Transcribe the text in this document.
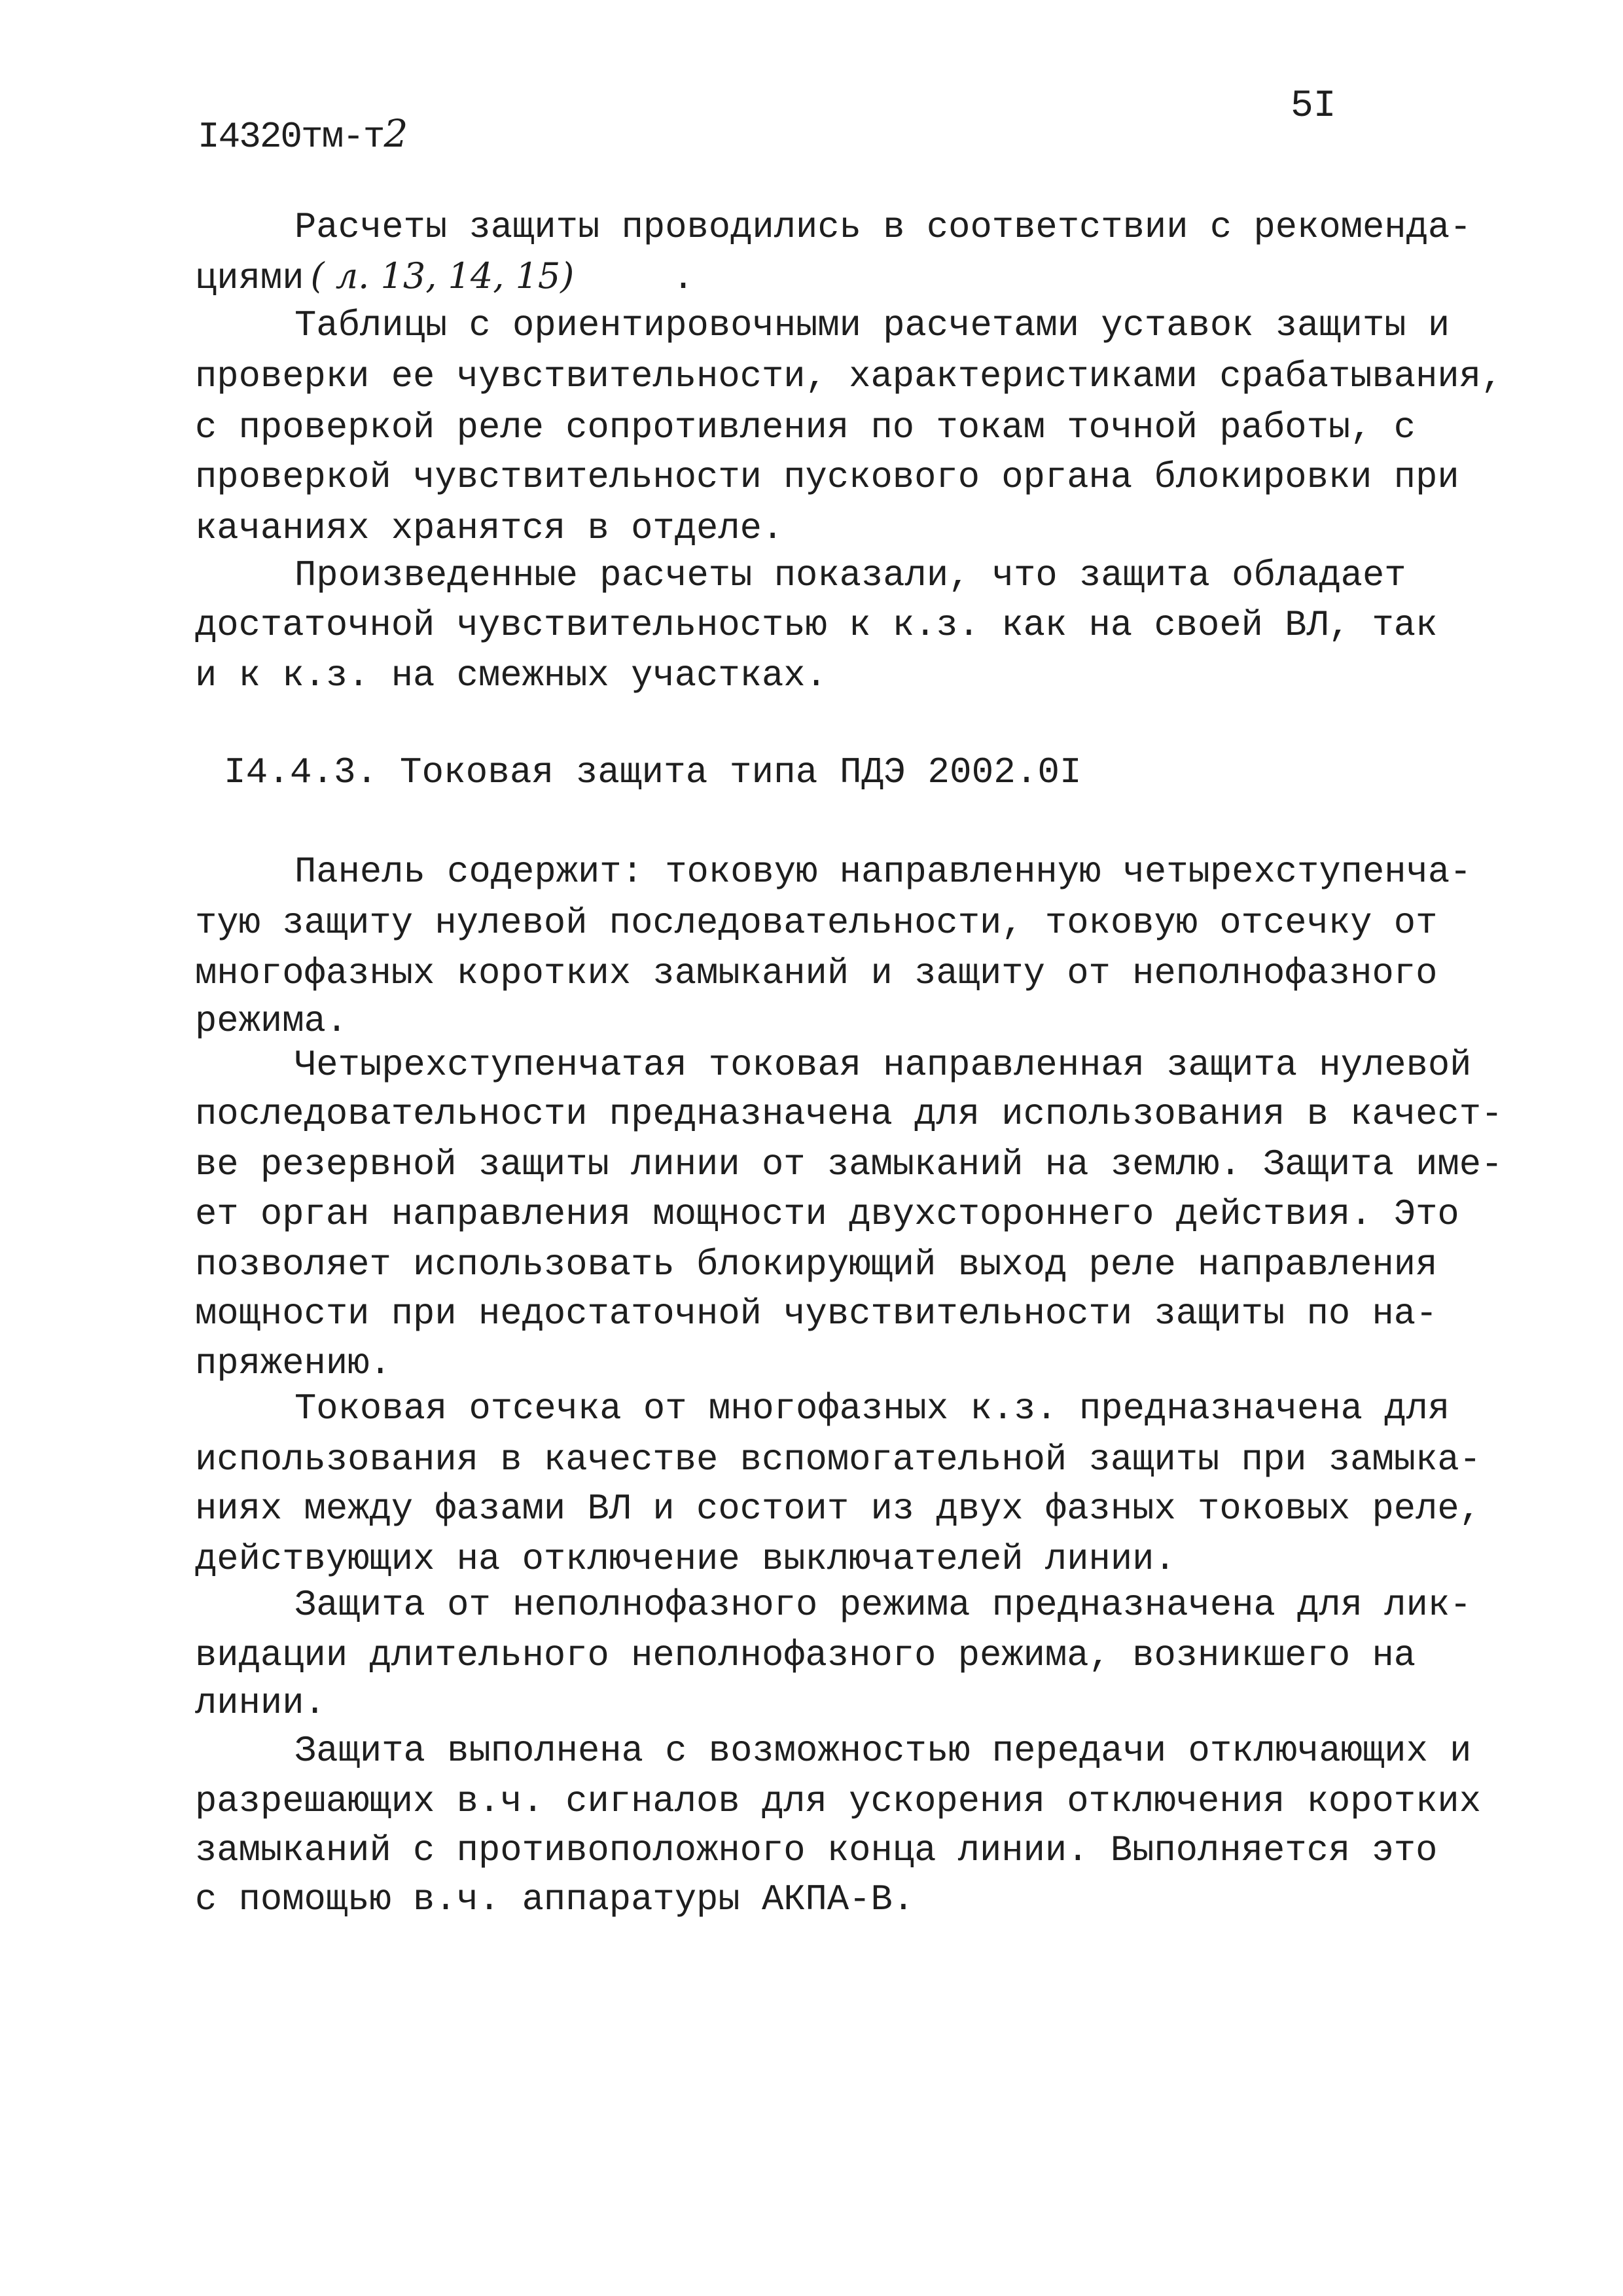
I4320тм-т2
5I
Расчеты защиты проводились в соответствии с рекоменда-
циями ( л. 13, 14, 15)	.
Таблицы с ориентировочными расчетами уставок защиты и
проверки ее чувствительности, характеристиками срабатывания,
с проверкой реле сопротивления по токам точной работы, с
проверкой чувствительности пускового органа блокировки при
качаниях хранятся в отделе.
Произведенные расчеты показали, что защита обладает
достаточной чувствительностью к к.з. как на своей ВЛ, так
и к к.з. на смежных участках.
I4.4.3. Токовая защита типа ПДЭ 2002.0I
Панель содержит: токовую направленную четырехступенча-
тую защиту нулевой последовательности, токовую отсечку от
многофазных коротких замыканий и защиту от неполнофазного
режима.
Четырехступенчатая токовая направленная защита нулевой
последовательности предназначена для использования в качест-
ве резервной защиты линии от замыканий на землю. Защита име-
ет орган направления мощности двухстороннего действия. Это
позволяет использовать блокирующий выход реле направления
мощности при недостаточной чувствительности защиты по на-
пряжению.
Токовая отсечка от многофазных к.з. предназначена для
использования в качестве вспомогательной защиты при замыка-
ниях между фазами ВЛ и состоит из двух фазных токовых реле,
действующих на отключение выключателей линии.
Защита от неполнофазного режима предназначена для лик-
видации длительного неполнофазного режима, возникшего на
линии.
Защита выполнена с возможностью передачи отключающих и
разрешающих в.ч. сигналов для ускорения отключения коротких
замыканий с противоположного конца линии. Выполняется это
с помощью в.ч. аппаратуры АКПА-В.
